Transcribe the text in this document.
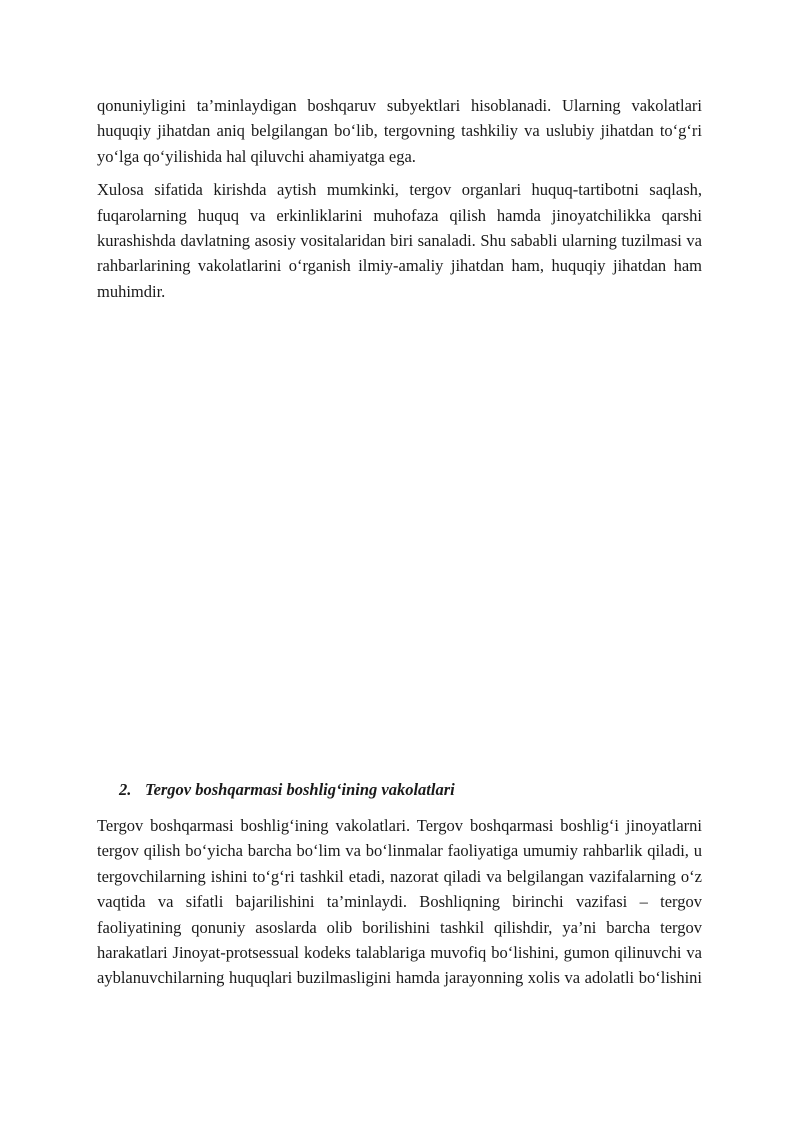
qonuniyligini ta’minlaydigan boshqaruv subyektlari hisoblanadi. Ularning vakolatlari huquqiy jihatdan aniq belgilangan bo‘lib, tergovning tashkiliy va uslubiy jihatdan to‘g‘ri yo‘lga qo‘yilishida hal qiluvchi ahamiyatga ega.

Xulosa sifatida kirishda aytish mumkinki, tergov organlari huquq-tartibotni saqlash, fuqarolarning huquq va erkinliklarini muhofaza qilish hamda jinoyatchilikka qarshi kurashishda davlatning asosiy vositalaridan biri sanaladi. Shu sababli ularning tuzilmasi va rahbarlarining vakolatlarini o‘rganish ilmiy-amaliy jihatdan ham, huquqiy jihatdan ham muhimdir.

2. Tergov boshqarmasi boshlig‘ining vakolatlari

Tergov boshqarmasi boshlig‘ining vakolatlari. Tergov boshqarmasi boshlig‘i jinoyatlarni tergov qilish bo‘yicha barcha bo‘lim va bo‘linmalar faoliyatiga umumiy rahbarlik qiladi, u tergovchilarning ishini to‘g‘ri tashkil etadi, nazorat qiladi va belgilangan vazifalarning o‘z vaqtida va sifatli bajarilishini ta’minlaydi. Boshliqning birinchi vazifasi – tergov faoliyatining qonuniy asoslarda olib borilishini tashkil qilishdir, ya’ni barcha tergov harakatlari Jinoyat-protsessual kodeks talablariga muvofiq bo‘lishini, gumon qilinuvchi va ayblanuvchilarning huquqlari buzilmasligini hamda jarayonning xolis va adolatli bo‘lishini
